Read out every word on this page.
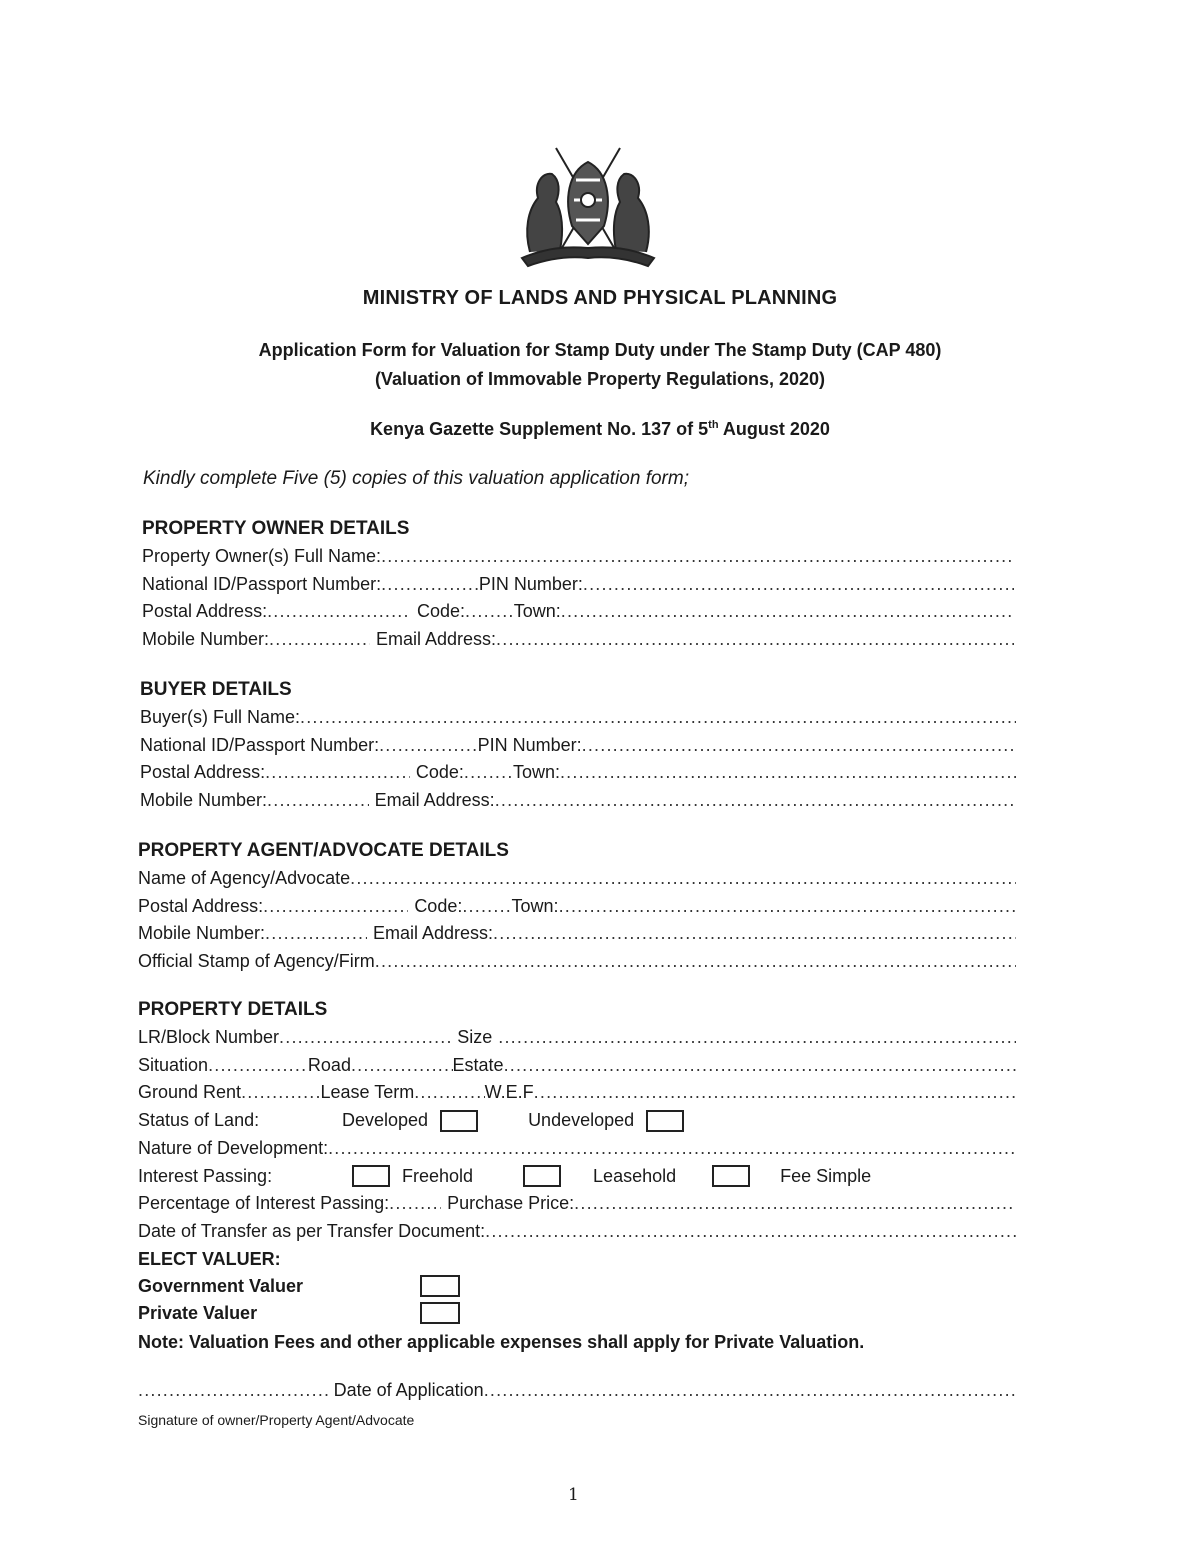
MINISTRY OF LANDS AND PHYSICAL PLANNING
Application Form for Valuation for Stamp Duty under The Stamp Duty (CAP 480)
(Valuation of Immovable Property Regulations, 2020)
Kenya Gazette Supplement No. 137 of 5th August 2020
Kindly complete Five (5) copies of this valuation application form;
PROPERTY OWNER DETAILS
Property Owner(s) Full Name:
.....
National ID/Passport Number: .....	PIN Number:
.....
Postal Address: .....	Code: .....	Town:
.....
Mobile Number: .....	Email Address:
.....
BUYER DETAILS
Buyer(s) Full Name:
.....
National ID/Passport Number: .....	PIN Number:
.....
Postal Address: .....	Code: .....	Town:
.....
Mobile Number: .....	Email Address:
.....
PROPERTY AGENT/ADVOCATE DETAILS
Name of Agency/Advocate
.....
Postal Address: .....	Code: .....	Town:
.....
Mobile Number: .....	Email Address:
.....
Official Stamp of Agency/Firm
.....
PROPERTY DETAILS
LR/Block Number .....	Size
.....
Situation .....	Road .....	Estate
.....
Ground Rent .....	Lease Term .....	W.E.F
.....
Status of Land:	Developed	Undeveloped
Nature of Development:
.....
Interest Passing:	Freehold	Leasehold	Fee Simple
Percentage of Interest Passing: .....	Purchase Price:
.....
Date of Transfer as per Transfer Document:
.....
ELECT VALUER:
Government Valuer
Private Valuer
Note: Valuation Fees and other applicable expenses shall apply for Private Valuation.
.....
Date of Application
.....
Signature of owner/Property Agent/Advocate
1
